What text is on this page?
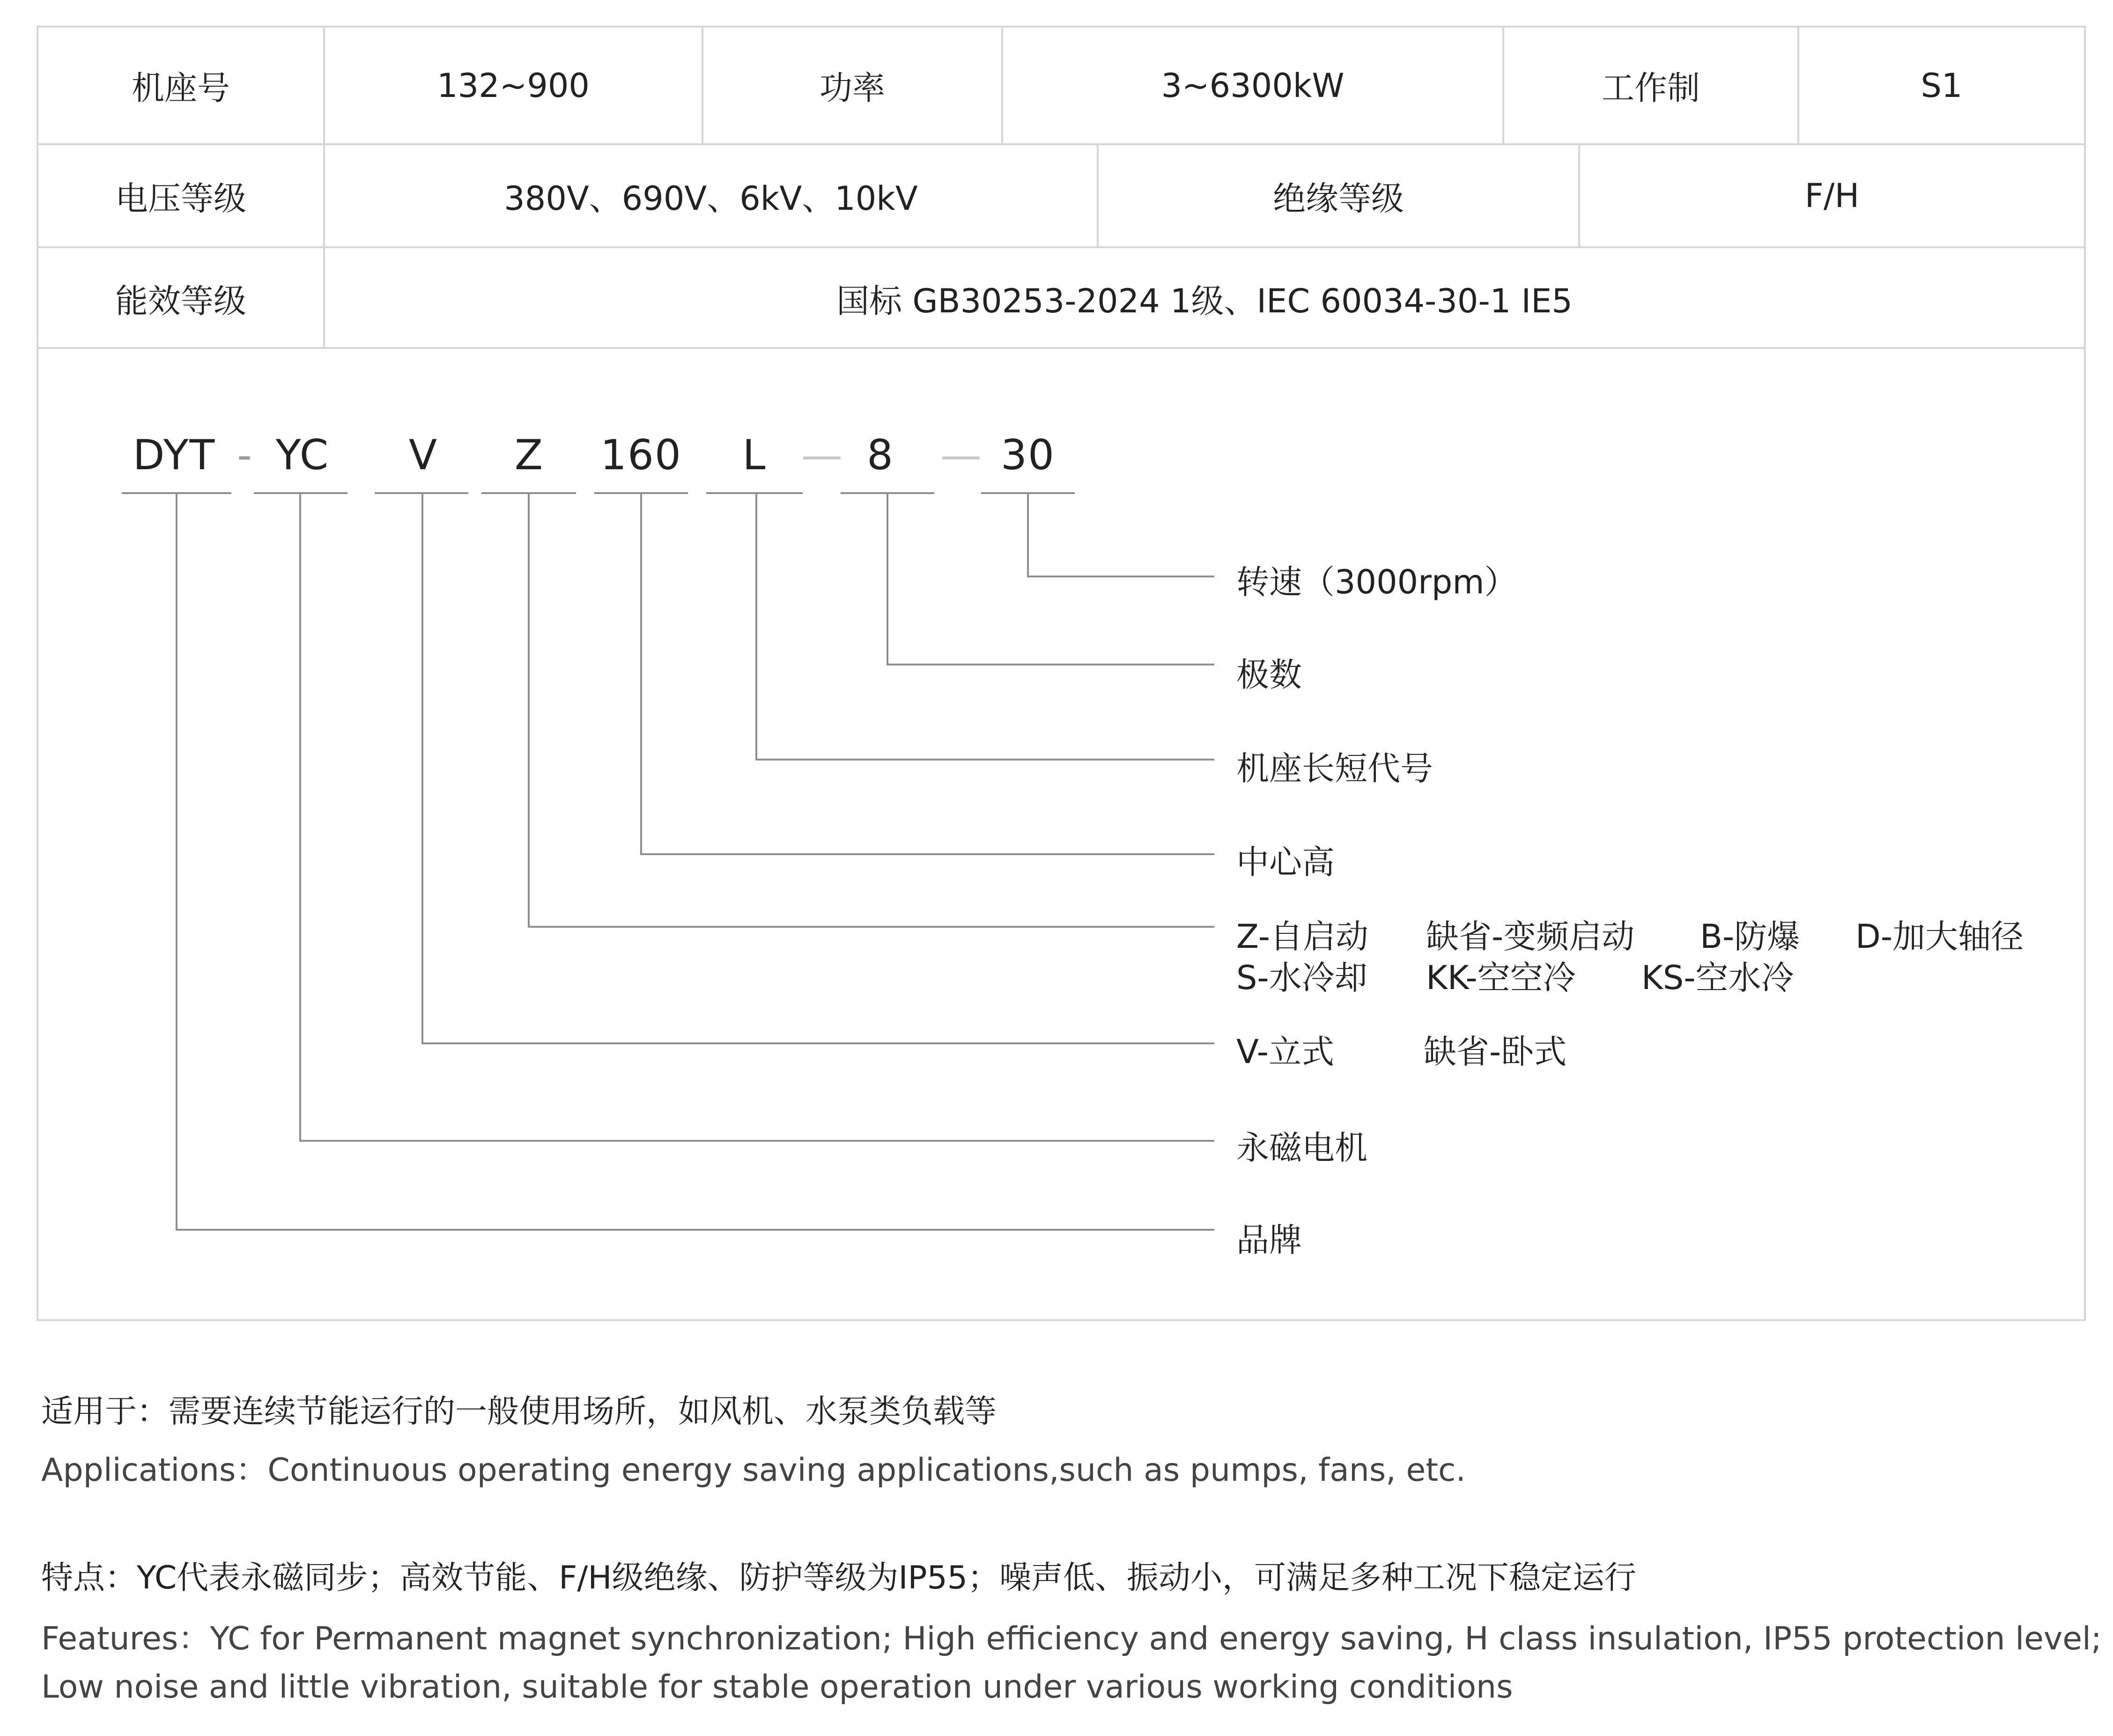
机座号	132~900	功率	3~6300kW	工作制	S1
电压等级	380V、690V、6kV、10kV	绝缘等级	F/H
能效等级	国标 GB30253-2024 1级、IEC 60034-30-1 IE5
DYT - YC V Z 160 L — 8 — 30
转速（3000rpm）
极数
机座长短代号
中心高
Z-自启动 缺省-变频启动 B-防爆 D-加大轴径
S-水冷却 KK-空空冷 KS-空水冷
V-立式	缺省-卧式
永磁电机
品牌
适用于：需要连续节能运行的一般使用场所，如风机、水泵类负载等
Applications：Continuous operating energy saving applications,such as pumps, fans, etc.
特点：YC代表永磁同步；高效节能、F/H级绝缘、防护等级为IP55；噪声低、振动小，可满足多种工况下稳定运行
Features：YC for Permanent magnet synchronization; High efficiency and energy saving, H class insulation, IP55 protection level;
Low noise and little vibration, suitable for stable operation under various working conditions
